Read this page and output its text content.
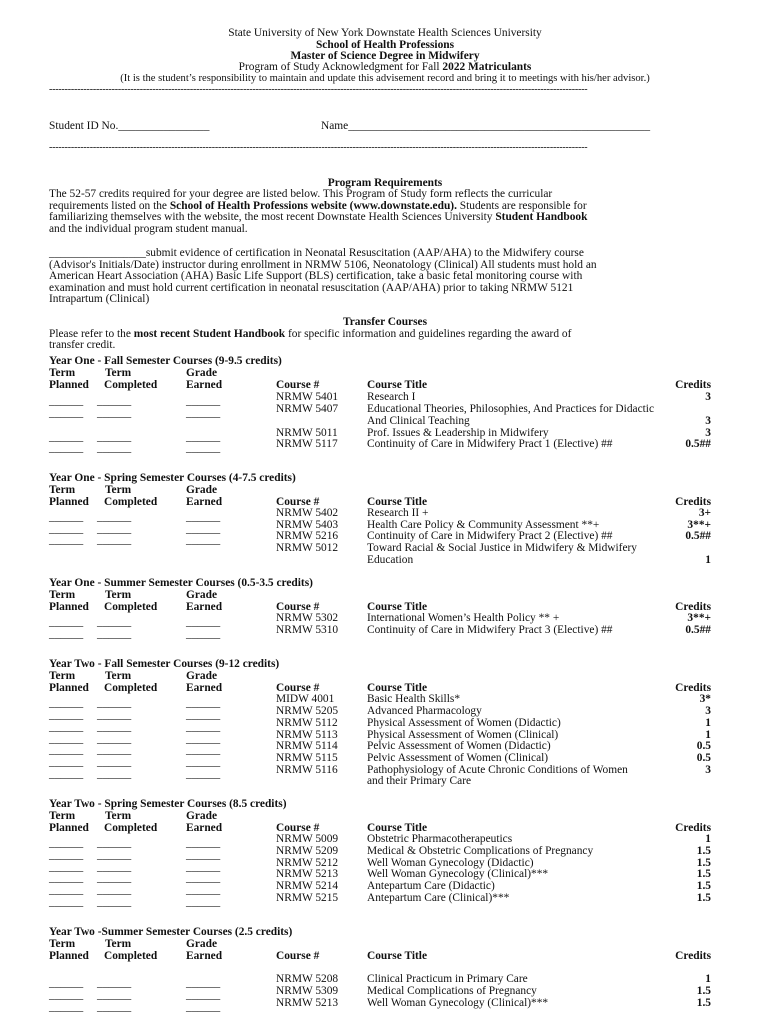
State University of New York Downstate Health Sciences University
School of Health Professions
Master of Science Degree in Midwifery
Program of Study Acknowledgment for Fall 2022 Matriculants
(It is the student’s responsibility to maintain and update this advisement record and bring it to meetings with his/her advisor.)
----------------------------------------------------------------------------------------------------------------------------------------------------------------------------
Student ID No.________________	Name_____________________________________________________
----------------------------------------------------------------------------------------------------------------------------------------------------------------------------
Program Requirements
The 52-57 credits required for your degree are listed below. This Program of Study form reflects the curricular
requirements listed on the School of Health Professions website (www.downstate.edu). Students are responsible for
familiarizing themselves with the website, the most recent Downstate Health Sciences University Student Handbook
and the individual program student manual.
_________________submit evidence of certification in Neonatal Resuscitation (AAP/AHA) to the Midwifery course
(Advisor's Initials/Date) instructor during enrollment in NRMW 5106, Neonatology (Clinical) All students must hold an
American Heart Association (AHA) Basic Life Support (BLS) certification, take a basic fetal monitoring course with
examination and must hold current certification in neonatal resuscitation (AAP/AHA) prior to taking NRMW 5121
Intrapartum (Clinical)
Transfer Courses
Please refer to the most recent Student Handbook for specific information and guidelines regarding the award of
transfer credit.
Year One - Fall Semester Courses (9-9.5 credits)
Term	Term	Grade
Planned Completed	Earned	Course #	Course Title	Credits
NRMW 5401	Research I	3
NRMW 5407	Educational Theories, Philosophies, And Practices for Didactic
And Clinical Teaching	3
NRMW 5011	Prof. Issues & Leadership in Midwifery	3
NRMW 5117	Continuity of Care in Midwifery Pract 1 (Elective) ##	0.5##
______ ______	______
______ ______	______
______ ______	______
______ ______	______
Year One - Spring Semester Courses (4-7.5 credits)
Term	Term	Grade
Planned Completed	Earned	Course #	Course Title	Credits
NRMW 5402	Research II +	3+
NRMW 5403	Health Care Policy & Community Assessment **+	3**+
NRMW 5216	Continuity of Care in Midwifery Pract 2 (Elective) ##	0.5##
NRMW 5012	Toward Racial & Social Justice in Midwifery & Midwifery
Education	1
______ ______	______
______ ______	______
______ ______	______
Year One - Summer Semester Courses (0.5-3.5 credits)
Term	Term	Grade
Planned Completed	Earned	Course #	Course Title	Credits
NRMW 5302	International Women’s Health Policy ** +	3**+
NRMW 5310	Continuity of Care in Midwifery Pract 3 (Elective) ##	0.5##
______ ______	______
______ ______	______
Year Two - Fall Semester Courses (9-12 credits)
Term	Term	Grade
Planned Completed	Earned	Course #	Course Title	Credits
MIDW 4001	Basic Health Skills*	3*
NRMW 5205	Advanced Pharmacology	3
NRMW 5112	Physical Assessment of Women (Didactic)	1
NRMW 5113	Physical Assessment of Women (Clinical)	1
NRMW 5114	Pelvic Assessment of Women (Didactic)	0.5
NRMW 5115	Pelvic Assessment of Women (Clinical)	0.5
NRMW 5116	Pathophysiology of Acute Chronic Conditions of Women	3
and their Primary Care
______ ______	______
______ ______	______
______ ______	______
______ ______	______
______ ______	______
______ ______	______
______ ______	______
Year Two - Spring Semester Courses (8.5 credits)
Term	Term	Grade
Planned Completed	Earned	Course #	Course Title	Credits
NRMW 5009	Obstetric Pharmacotherapeutics	1
NRMW 5209	Medical & Obstetric Complications of Pregnancy	1.5
NRMW 5212	Well Woman Gynecology (Didactic)	1.5
NRMW 5213	Well Woman Gynecology (Clinical)***	1.5
NRMW 5214	Antepartum Care (Didactic)	1.5
NRMW 5215	Antepartum Care (Clinical)***	1.5
______ ______	______
______ ______	______
______ ______	______
______ ______	______
______ ______	______
______ ______	______
Year Two -Summer Semester Courses (2.5 credits)
Term	Term	Grade
Planned Completed	Earned	Course #	Course Title	Credits
NRMW 5208	Clinical Practicum in Primary Care	1
NRMW 5309	Medical Complications of Pregnancy	1.5
NRMW 5213	Well Woman Gynecology (Clinical)***	1.5
______ ______	______
______ ______	______
______ ______	______
